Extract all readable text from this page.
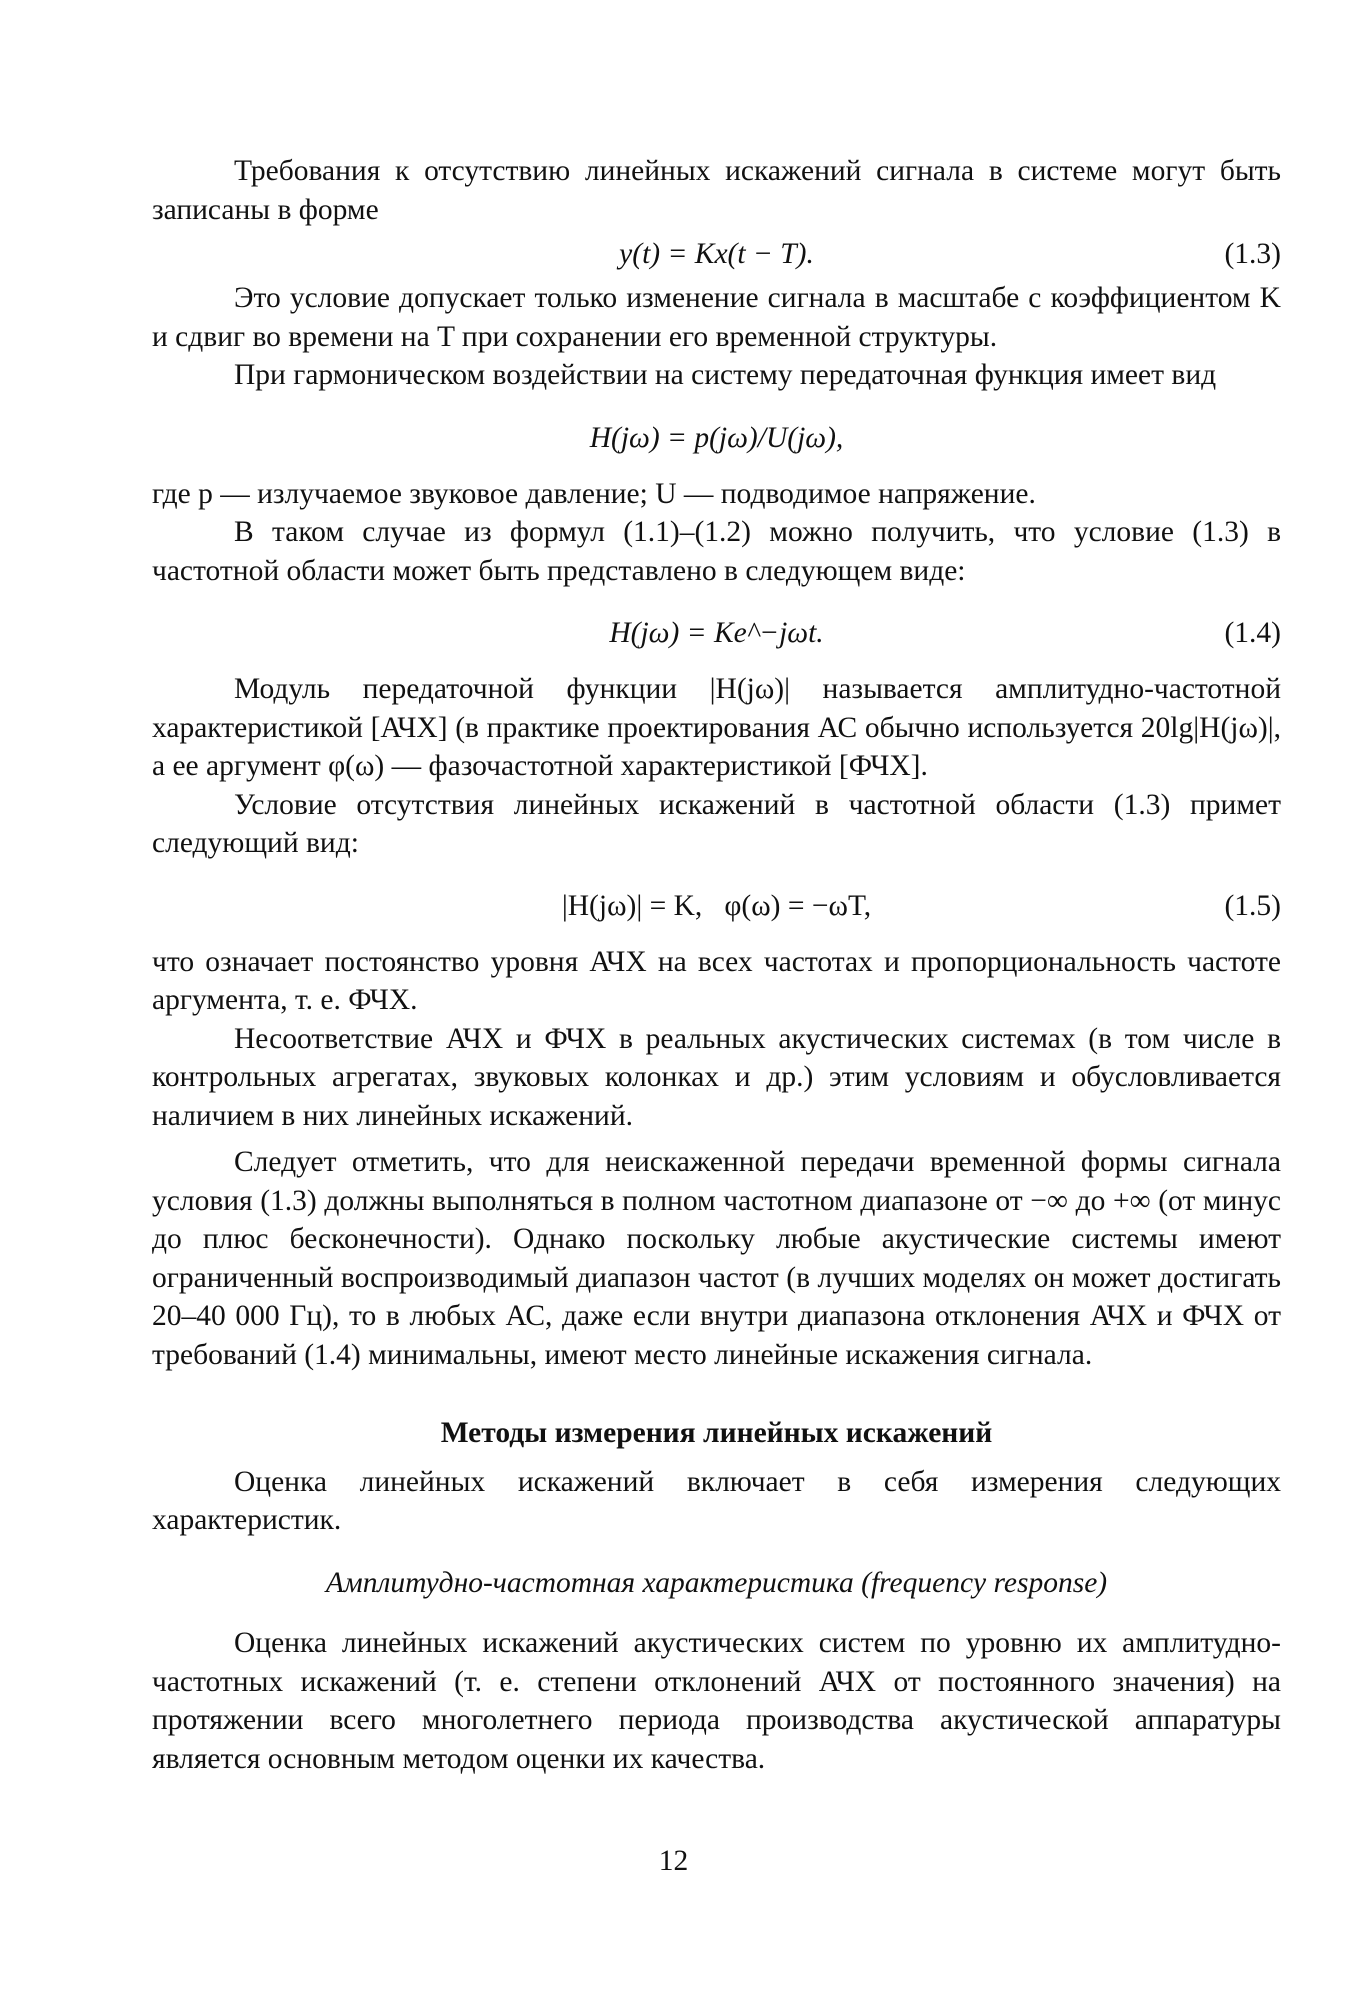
Требования к отсутствию линейных искажений сигнала в системе могут быть записаны в форме

y(t) = Kx(t − T).	(1.3)

Это условие допускает только изменение сигнала в масштабе с коэффициентом K и сдвиг во времени на T при сохранении его временной структуры.

При гармоническом воздействии на систему передаточная функция имеет вид

H(jω) = p(jω)/U(jω),

где p — излучаемое звуковое давление; U — подводимое напряжение.

В таком случае из формул (1.1)–(1.2) можно получить, что условие (1.3) в частотной области может быть представлено в следующем виде:

H(jω) = Ke^−jωt.	(1.4)

Модуль передаточной функции |H(jω)| называется амплитудно-частотной характеристикой [АЧХ] (в практике проектирования АС обычно используется 20lg|H(jω)|, а ее аргумент φ(ω) — фазочастотной характеристикой [ФЧХ].

Условие отсутствия линейных искажений в частотной области (1.3) примет следующий вид:

|H(jω)| = K,   φ(ω) = −ωT,	(1.5)

что означает постоянство уровня АЧХ на всех частотах и пропорциональность частоте аргумента, т. е. ФЧХ.

Несоответствие АЧХ и ФЧХ в реальных акустических системах (в том числе в контрольных агрегатах, звуковых колонках и др.) этим условиям и обусловливается наличием в них линейных искажений.

Следует отметить, что для неискаженной передачи временной формы сигнала условия (1.3) должны выполняться в полном частотном диапазоне от −∞ до +∞ (от минус до плюс бесконечности). Однако поскольку любые акустические системы имеют ограниченный воспроизводимый диапазон частот (в лучших моделях он может достигать 20–40 000 Гц), то в любых АС, даже если внутри диапазона отклонения АЧХ и ФЧХ от требований (1.4) минимальны, имеют место линейные искажения сигнала.

Методы измерения линейных искажений

Оценка линейных искажений включает в себя измерения следующих характеристик.

Амплитудно-частотная характеристика (frequency response)

Оценка линейных искажений акустических систем по уровню их амплитудно-частотных искажений (т. е. степени отклонений АЧХ от постоянного значения) на протяжении всего многолетнего периода производства акустической аппаратуры является основным методом оценки их качества.

12
